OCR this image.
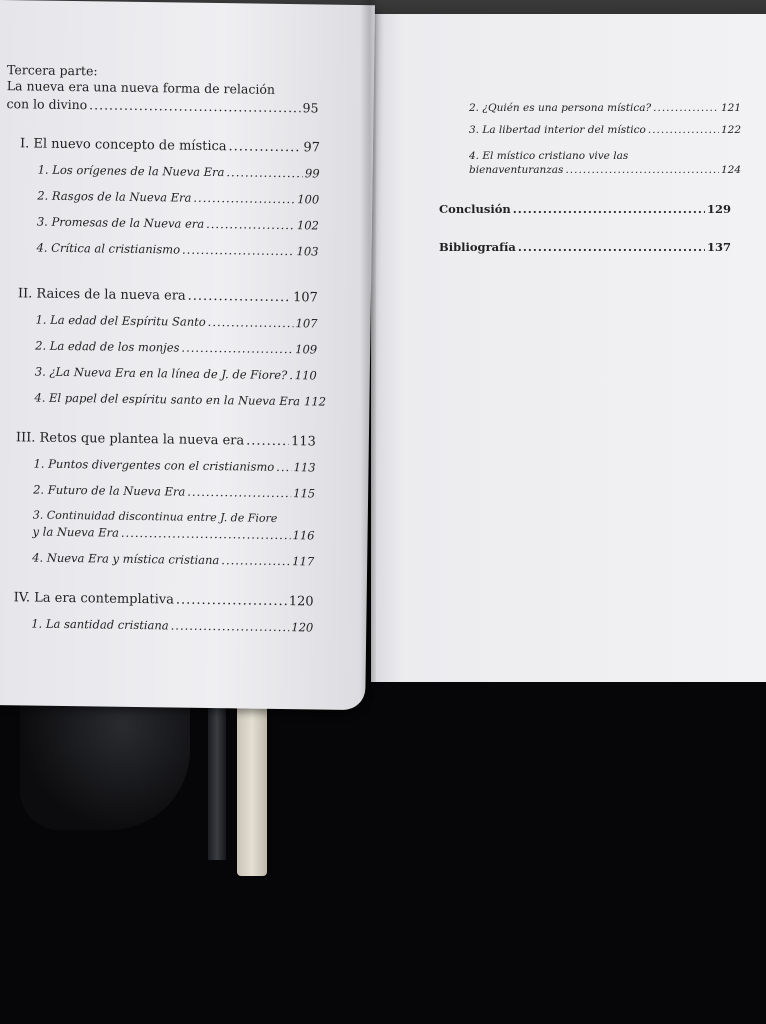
2. ¿Quién es una persona mística? .....	121
3. La libertad interior del místico .....	122
4. El místico cristiano vive las
bienaventuranzas .....	124
Conclusión .....	129
Bibliografía .....	137
Tercera parte:
La nueva era una nueva forma de relación
con lo divino .....	95
I. El nuevo concepto de mística .....	97
1. Los orígenes de la Nueva Era .....	99
2. Rasgos de la Nueva Era .....	100
3. Promesas de la Nueva era .....	102
4. Crítica al cristianismo .....	103
II. Raices de la nueva era .....	107
1. La edad del Espíritu Santo .....	107
2. La edad de los monjes .....	109
3. ¿La Nueva Era en la línea de J. de Fiore? ..... 110
4. El papel del espíritu santo en la Nueva Era ..... 112
III. Retos que plantea la nueva era .....	113
1. Puntos divergentes con el cristianismo ..... 113
2. Futuro de la Nueva Era .....	115
3. Continuidad discontinua entre J. de Fiore
y la Nueva Era .....	116
4. Nueva Era y mística cristiana .....	117
IV. La era contemplativa .....	120
1. La santidad cristiana .....	120
